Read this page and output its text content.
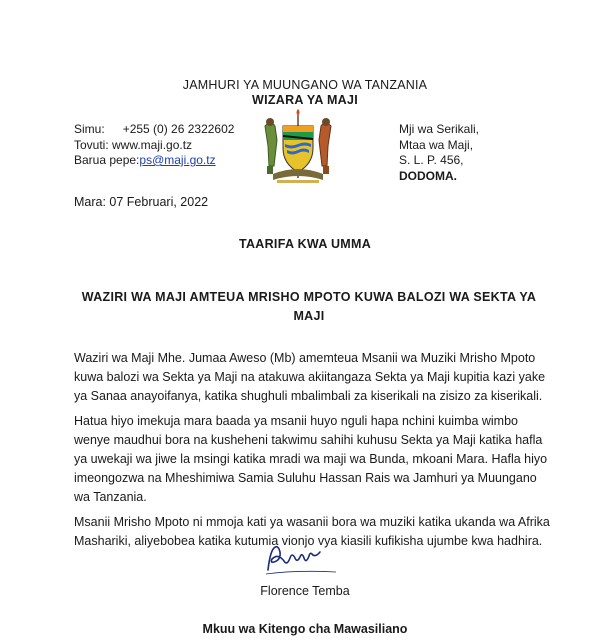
JAMHURI YA MUUNGANO WA TANZANIA
WIZARA YA MAJI
Simu: +255 (0) 26 2322602
Tovuti: www.maji.go.tz
Barua pepe:ps@maji.go.tz
Mji wa Serikali,
Mtaa wa Maji,
S. L. P. 456,
DODOMA.
Mara: 07 Februari, 2022
TAARIFA KWA UMMA
WAZIRI WA MAJI AMTEUA MRISHO MPOTO KUWA BALOZI WA SEKTA YA MAJI

Waziri wa Maji Mhe. Jumaa Aweso (Mb) amemteua Msanii wa Muziki Mrisho Mpoto kuwa balozi wa Sekta ya Maji na atakuwa akiitangaza Sekta ya Maji kupitia kazi yake ya Sanaa anayoifanya, katika shughuli mbalimbali za kiserikali na zisizo za kiserikali.

Hatua hiyo imekuja mara baada ya msanii huyo nguli hapa nchini kuimba wimbo wenye maudhui bora na kusheheni takwimu sahihi kuhusu Sekta ya Maji katika hafla ya uwekaji wa jiwe la msingi katika mradi wa maji wa Bunda, mkoani Mara. Hafla hiyo imeongozwa na Mheshimiwa Samia Suluhu Hassan Rais wa Jamhuri ya Muungano wa Tanzania.

Msanii Mrisho Mpoto ni mmoja kati ya wasanii bora wa muziki katika ukanda wa Afrika Mashariki, aliyebobea katika kutumia vionjo vya kiasili kufikisha ujumbe kwa hadhira.

Florence Temba
Mkuu wa Kitengo cha Mawasiliano
